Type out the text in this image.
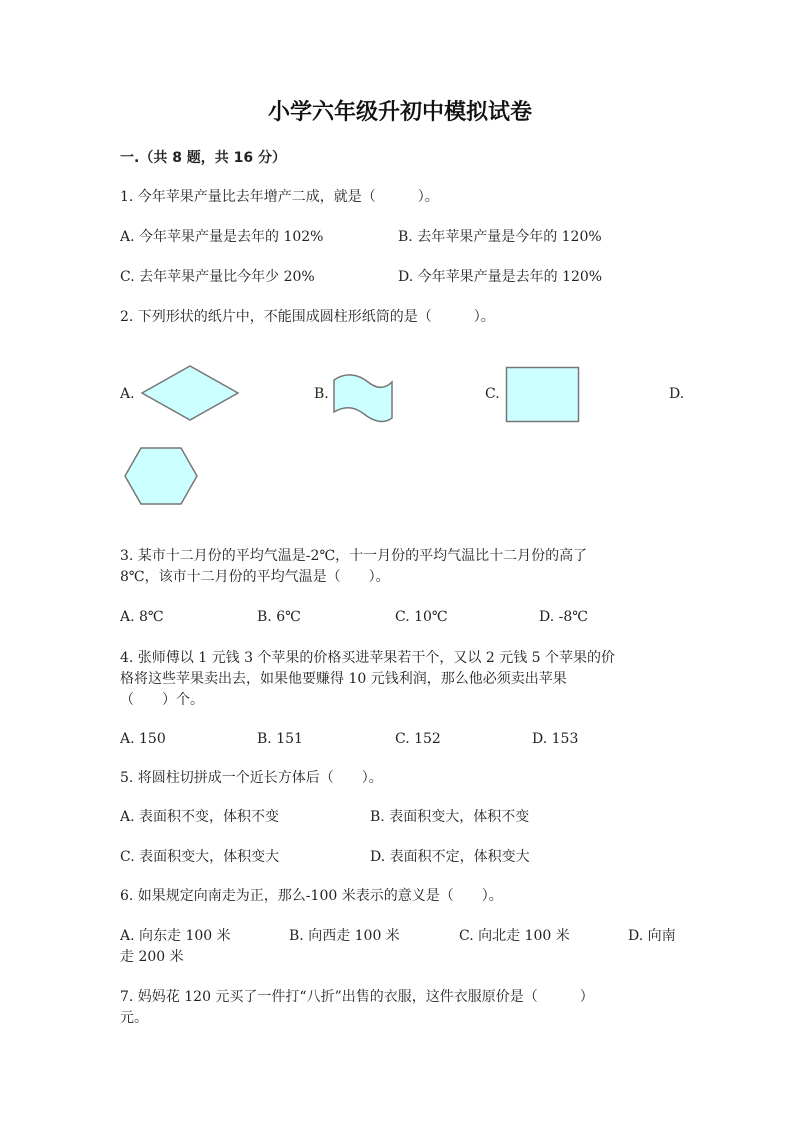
小学六年级升初中模拟试卷
一.（共 8 题，共 16 分）
1. 今年苹果产量比去年增产二成，就是（　　　）。
A. 今年苹果产量是去年的 102%	B. 去年苹果产量是今年的 120%
C. 去年苹果产量比今年少 20%	D. 今年苹果产量是去年的 120%
2. 下列形状的纸片中，不能围成圆柱形纸筒的是（　　　）。
A.	B.	C.	D.
3. 某市十二月份的平均气温是-2℃，十一月份的平均气温比十二月份的高了
8℃，该市十二月份的平均气温是（　　）。
A. 8℃	B. 6℃	C. 10℃	D. -8℃
4. 张师傅以 1 元钱 3 个苹果的价格买进苹果若干个，又以 2 元钱 5 个苹果的价
格将这些苹果卖出去，如果他要赚得 10 元钱利润，那么他必须卖出苹果
（　　）个。
A. 150	B. 151	C. 152	D. 153
5. 将圆柱切拼成一个近长方体后（　　）。
A. 表面积不变，体积不变	B. 表面积变大，体积不变
C. 表面积变大，体积变大	D. 表面积不定，体积变大
6. 如果规定向南走为正，那么-100 米表示的意义是（　　）。
A. 向东走 100 米	B. 向西走 100 米	C. 向北走 100 米	D. 向南
走 200 米
7. 妈妈花 120 元买了一件打“八折”出售的衣服，这件衣服原价是（　　　）
元。
